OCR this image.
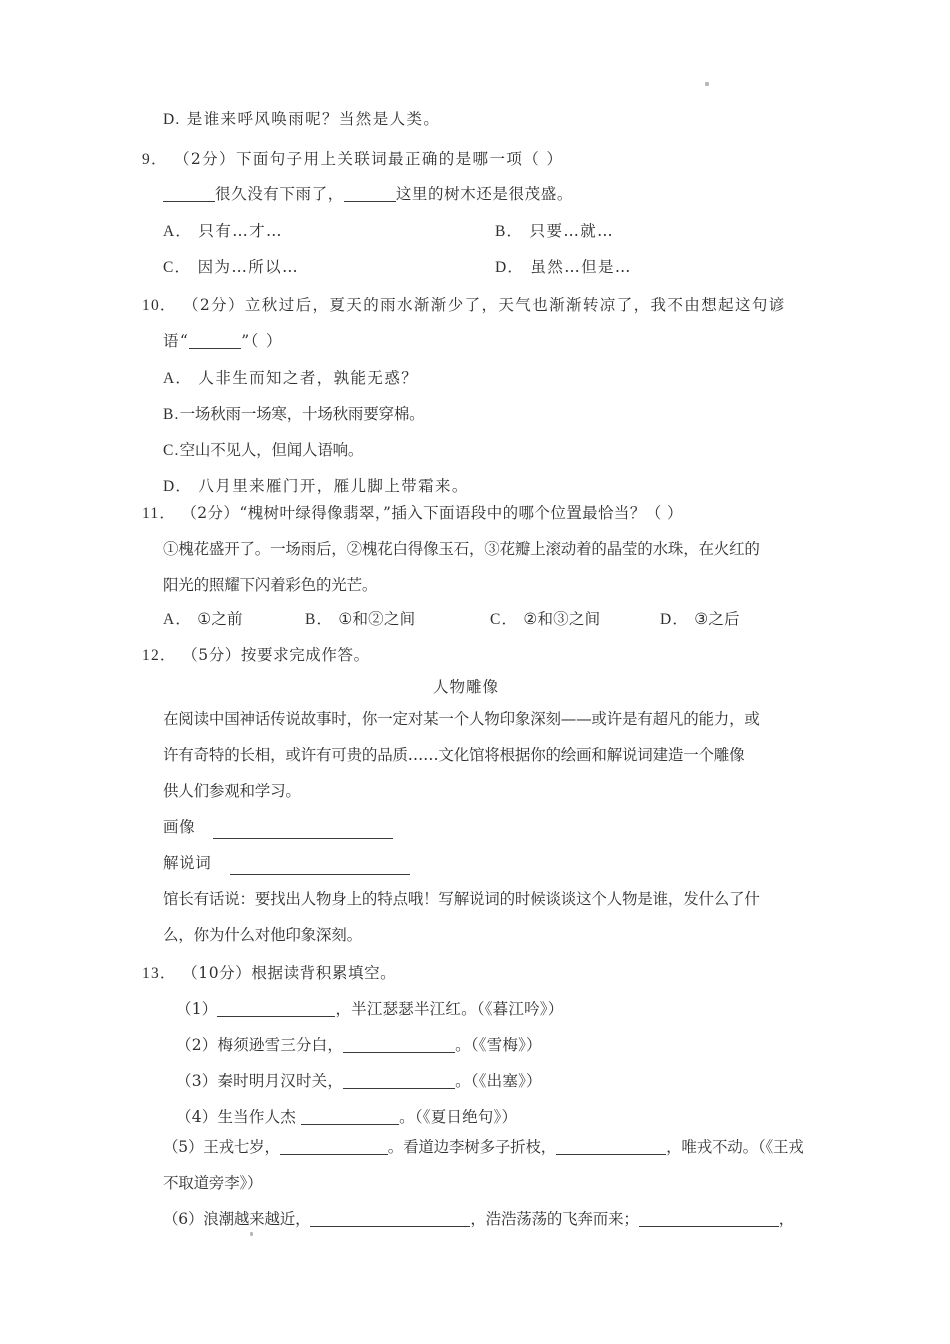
D. 是谁来呼风唤雨呢？当然是人类。
9． （2分）下面句子用上关联词最正确的是哪一项（ ）
很久没有下雨了，	这里的树木还是很茂盛。
A． 只有…才…	B． 只要…就…
C． 因为…所以…	D． 虽然…但是…
10． （2分）立秋过后，夏天的雨水渐渐少了，天气也渐渐转凉了，我不由想起这句谚
语“	”（ ）
A． 人非生而知之者，孰能无惑？
B.一场秋雨一场寒，十场秋雨要穿棉。
C.空山不见人，但闻人语响。
D． 八月里来雁门开，雁儿脚上带霜来。
11． （2分）“槐树叶绿得像翡翠，”插入下面语段中的哪个位置最恰当？（ ）
①槐花盛开了。一场雨后，②槐花白得像玉石，③花瓣上滚动着的晶莹的水珠，在火红的
阳光的照耀下闪着彩色的光芒。
A． ①之前	B． ①和②之间	C． ②和③之间	D． ③之后
12． （5分）按要求完成作答。
人物雕像
在阅读中国神话传说故事时，你一定对某一个人物印象深刻——或许是有超凡的能力，或
许有奇特的长相，或许有可贵的品质……文化馆将根据你的绘画和解说词建造一个雕像
供人们参观和学习。
画像
解说词
馆长有话说：要找出人物身上的特点哦！写解说词的时候谈谈这个人物是谁，发什么了什
么，你为什么对他印象深刻。
13． （10分）根据读背积累填空。
（1）	，半江瑟瑟半江红。（《暮江吟》）
（2）梅须逊雪三分白，	。（《雪梅》）
（3）秦时明月汉时关，	。（《出塞》）
（4）生当作人杰	。（《夏日绝句》）
（5）王戎七岁，	。看道边李树多子折枝，	，唯戎不动。（《王戎
不取道旁李》）
（6）浪潮越来越近，	，浩浩荡荡的飞奔而来；	，
